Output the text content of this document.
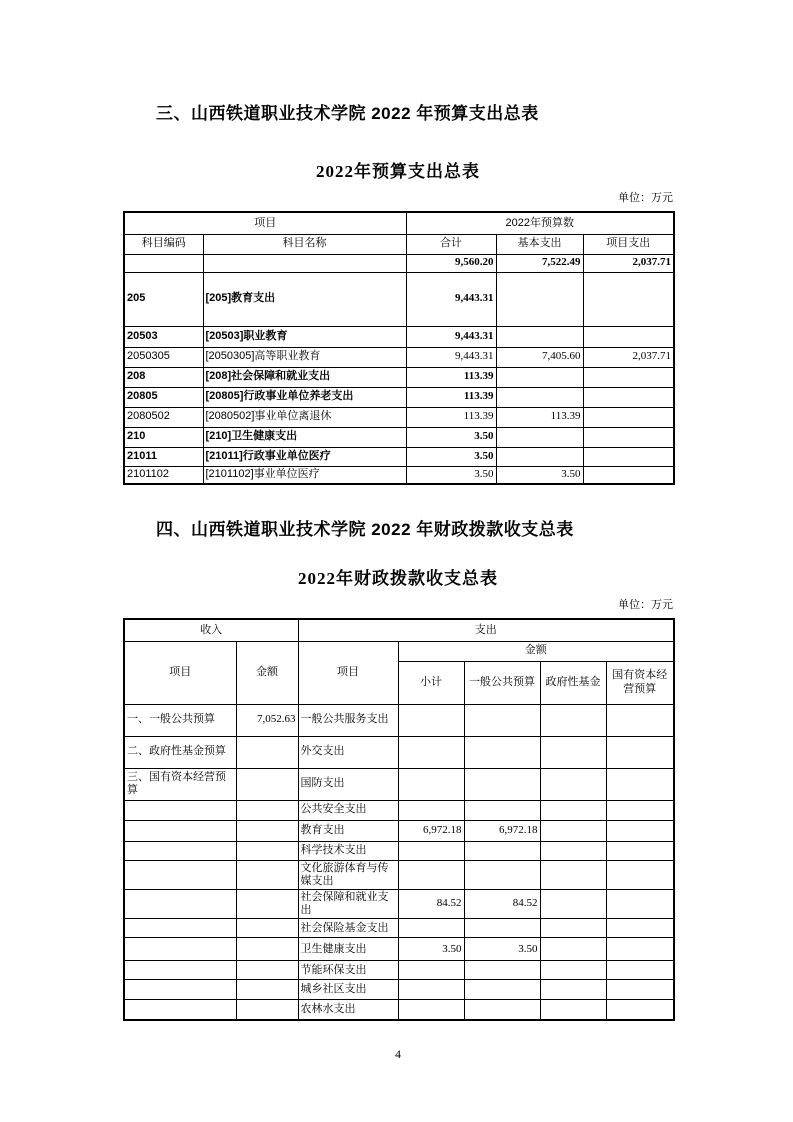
三、山西铁道职业技术学院 2022 年预算支出总表
2022年预算支出总表
单位：万元
项目		2022年预算数		
科目编码	科目名称	合计	基本支出	项目支出
		9,560.20	7,522.49	2,037.71
205	[205]教育支出	9,443.31		
20503	[20503]职业教育	9,443.31		
2050305	[2050305]高等职业教育	9,443.31	7,405.60	2,037.71
208	[208]社会保障和就业支出	113.39		
20805	[20805]行政事业单位养老支出	113.39		
2080502	[2080502]事业单位离退休	113.39	113.39	
210	[210]卫生健康支出	3.50		
21011	[21011]行政事业单位医疗	3.50		
2101102	[2101102]事业单位医疗	3.50	3.50	
四、山西铁道职业技术学院 2022 年财政拨款收支总表
2022年财政拨款收支总表
单位：万元
收入		支出				
项目	金额	项目	金额			
			小计	一般公共预算	政府性基金	国有资本经营预算
一、一般公共预算	7,052.63	一般公共服务支出				
二、政府性基金预算		外交支出				
三、国有资本经营预算		国防支出				
		公共安全支出				
		教育支出	6,972.18	6,972.18		
		科学技术支出				
		文化旅游体育与传媒支出				
		社会保障和就业支出	84.52	84.52		
		社会保险基金支出				
		卫生健康支出	3.50	3.50		
		节能环保支出				
		城乡社区支出				
		农林水支出				
4
